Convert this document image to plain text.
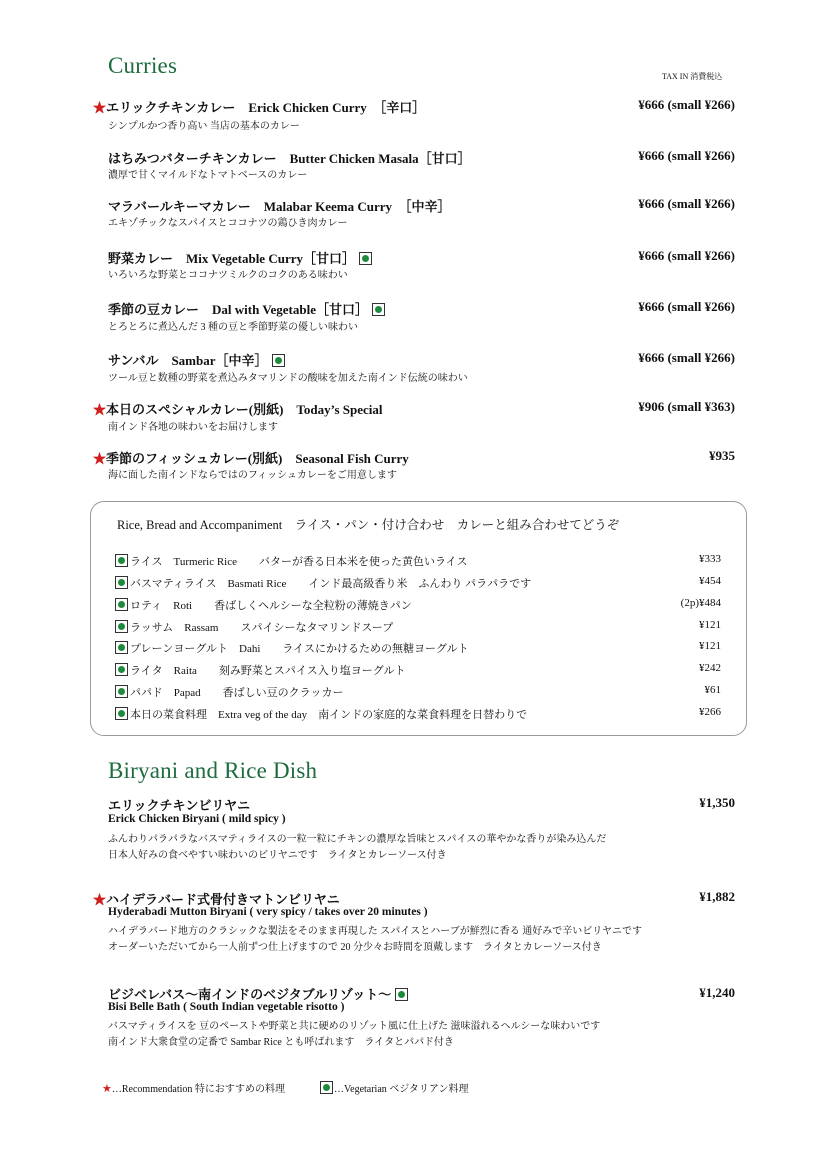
Curries	TAX IN 消費税込
★エリックチキンカレー　Erick Chicken Curry　［辛口］
シンプルかつ香り高い 当店の基本のカレー
¥666 (small ¥266)
はちみつバターチキンカレー　Butter Chicken Masala［甘口］
濃厚で甘くマイルドなトマトベースのカレー
¥666 (small ¥266)
マラバールキーマカレー　Malabar Keema Curry　［中辛］
エキゾチックなスパイスとココナツの鶏ひき肉カレー
¥666 (small ¥266)
野菜カレー　Mix Vegetable Curry［甘口］
いろいろな野菜とココナツミルクのコクのある味わい
¥666 (small ¥266)
季節の豆カレー　Dal with Vegetable［甘口］
とろとろに煮込んだ 3 種の豆と季節野菜の優しい味わい
¥666 (small ¥266)
サンバル　Sambar［中辛］
ツール豆と数種の野菜を煮込みタマリンドの酸味を加えた南インド伝統の味わい
¥666 (small ¥266)
★本日のスペシャルカレー(別紙)　Today’s Special
南インド各地の味わいをお届けします
¥906 (small ¥363)
★季節のフィッシュカレー(別紙)　Seasonal Fish Curry
海に面した南インドならではのフィッシュカレーをご用意します
¥935
Rice, Bread and Accompaniment　ライス・パン・付け合わせ　カレーと組み合わせてどうぞ
ライス　Turmeric Rice　　バターが香る日本米を使った黄色いライス	¥333
バスマティライス　Basmati Rice　　インド最高級香り米　ふんわり パラパラです	¥454
ロティ　Roti　　香ばしくヘルシーな全粒粉の薄焼きパン	(2p)¥484
ラッサム　Rassam　　スパイシーなタマリンドスープ	¥121
プレーンヨーグルト　Dahi　　ライスにかけるための無糖ヨーグルト	¥121
ライタ　Raita　　刻み野菜とスパイス入り塩ヨーグルト	¥242
パパド　Papad　　香ばしい豆のクラッカー	¥61
本日の菜食料理　Extra veg of the day　南インドの家庭的な菜食料理を日替わりで	¥266
Biryani and Rice Dish
エリックチキンビリヤニ	¥1,350
Erick Chicken Biryani ( mild spicy )
ふんわりパラパラなバスマティライスの一粒一粒にチキンの濃厚な旨味とスパイスの華やかな香りが染み込んだ
日本人好みの食べやすい味わいのビリヤニです　ライタとカレーソース付き
★ハイデラバード式骨付きマトンビリヤニ	¥1,882
Hyderabadi Mutton Biryani ( very spicy / takes over 20 minutes )
ハイデラバード地方のクラシックな製法をそのまま再現した スパイスとハーブが鮮烈に香る 通好みで辛いビリヤニです
オーダーいただいてから一人前ずつ仕上げますので 20 分少々お時間を頂戴します　ライタとカレーソース付き
ビジベレバス～南インドのベジタブルリゾット～	¥1,240
Bisi Belle Bath ( South Indian vegetable risotto )
バスマティライスを 豆のペーストや野菜と共に硬めのリゾット風に仕上げた 滋味溢れるヘルシーな味わいです
南インド大衆食堂の定番で Sambar Rice とも呼ばれます　ライタとパパド付き
★…Recommendation 特におすすめの料理	…Vegetarian ベジタリアン料理
